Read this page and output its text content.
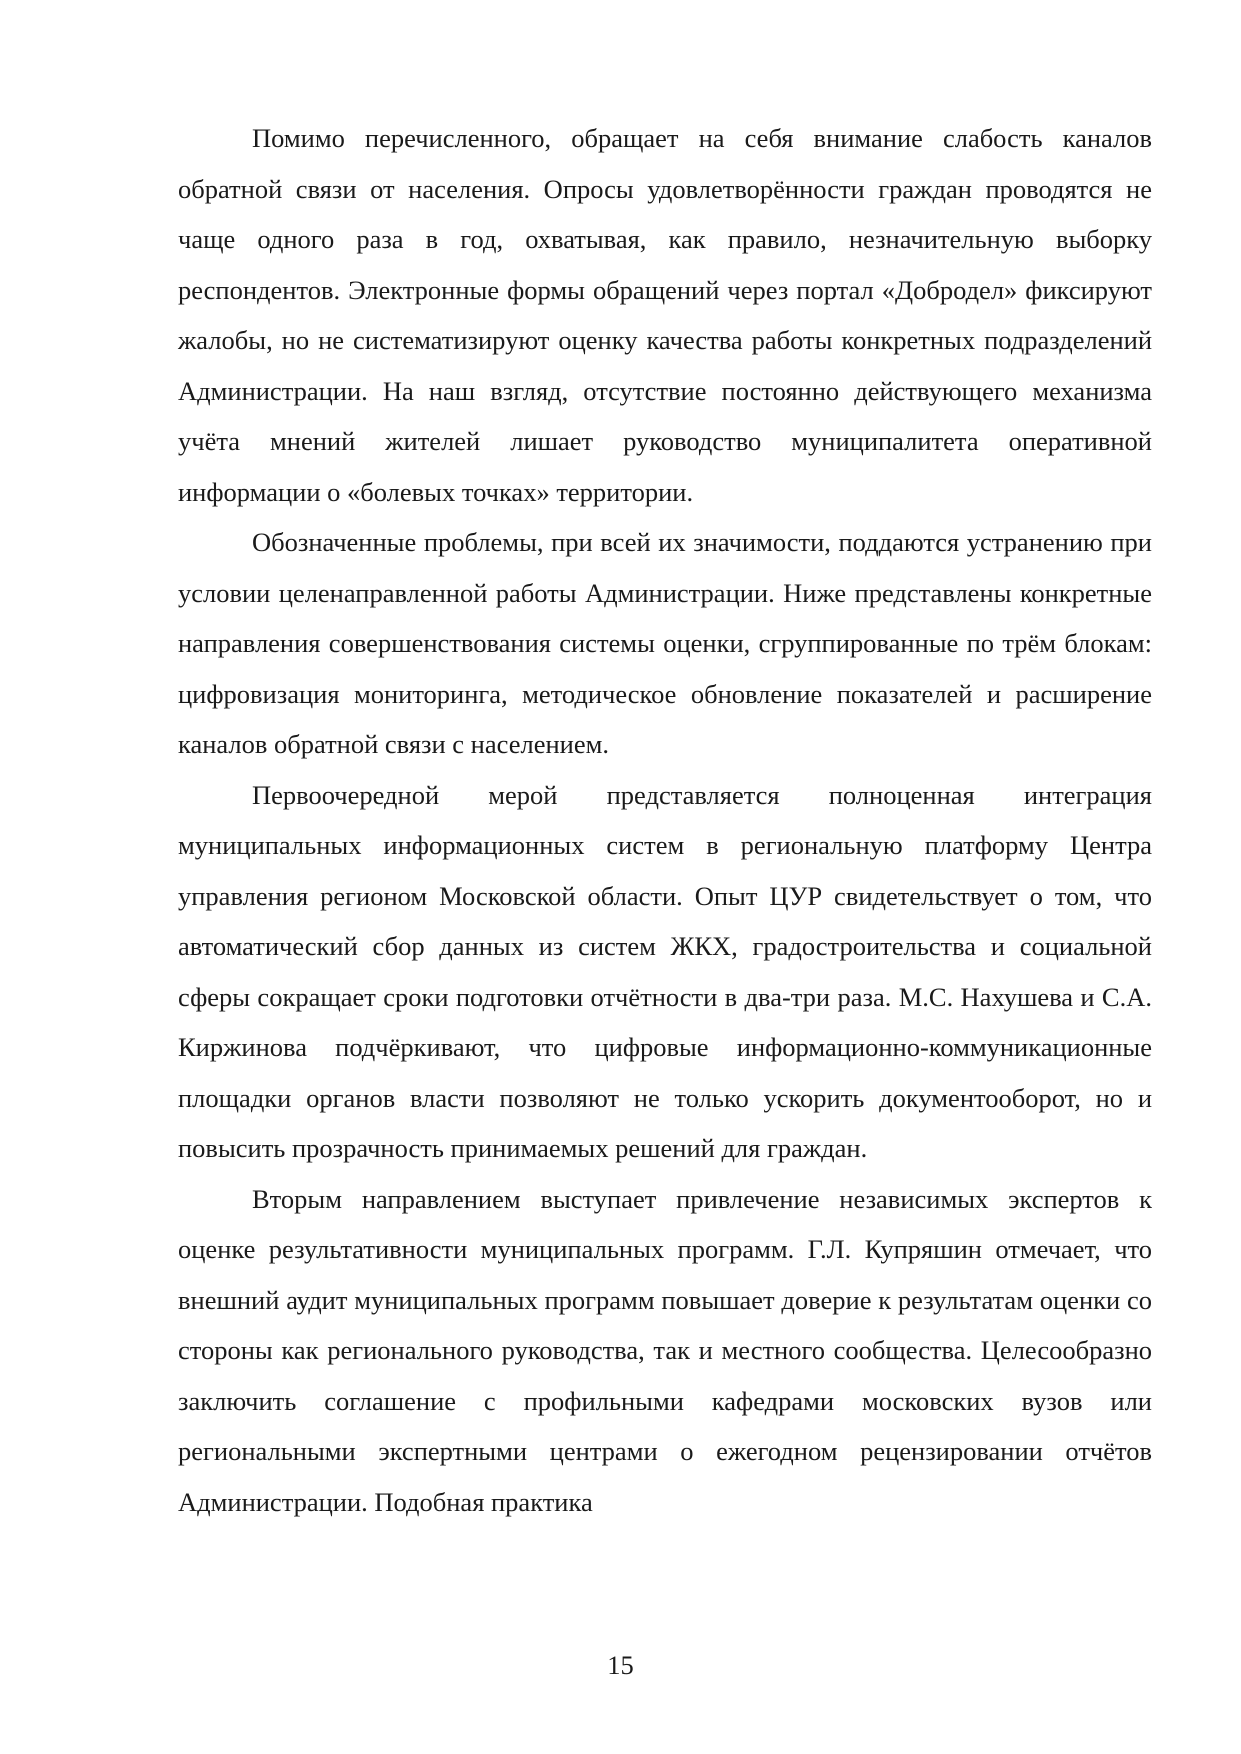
Помимо перечисленного, обращает на себя внимание слабость каналов обратной связи от населения. Опросы удовлетворённости граждан проводятся не чаще одного раза в год, охватывая, как правило, незначительную выборку респондентов. Электронные формы обращений через портал «Добродел» фиксируют жалобы, но не систематизируют оценку качества работы конкретных подразделений Администрации. На наш взгляд, отсутствие постоянно действующего механизма учёта мнений жителей лишает руководство муниципалитета оперативной информации о «болевых точках» территории.

Обозначенные проблемы, при всей их значимости, поддаются устранению при условии целенаправленной работы Администрации. Ниже представлены конкретные направления совершенствования системы оценки, сгруппированные по трём блокам: цифровизация мониторинга, методическое обновление показателей и расширение каналов обратной связи с населением.

Первоочередной мерой представляется полноценная интеграция муниципальных информационных систем в региональную платформу Центра управления регионом Московской области. Опыт ЦУР свидетельствует о том, что автоматический сбор данных из систем ЖКХ, градостроительства и социальной сферы сокращает сроки подготовки отчётности в два-три раза. М.С. Нахушева и С.А. Киржинова подчёркивают, что цифровые информационно-коммуникационные площадки органов власти позволяют не только ускорить документооборот, но и повысить прозрачность принимаемых решений для граждан.

Вторым направлением выступает привлечение независимых экспертов к оценке результативности муниципальных программ. Г.Л. Купряшин отмечает, что внешний аудит муниципальных программ повышает доверие к результатам оценки со стороны как регионального руководства, так и местного сообщества. Целесообразно заключить соглашение с профильными кафедрами московских вузов или региональными экспертными центрами о ежегодном рецензировании отчётов Администрации. Подобная практика

15
